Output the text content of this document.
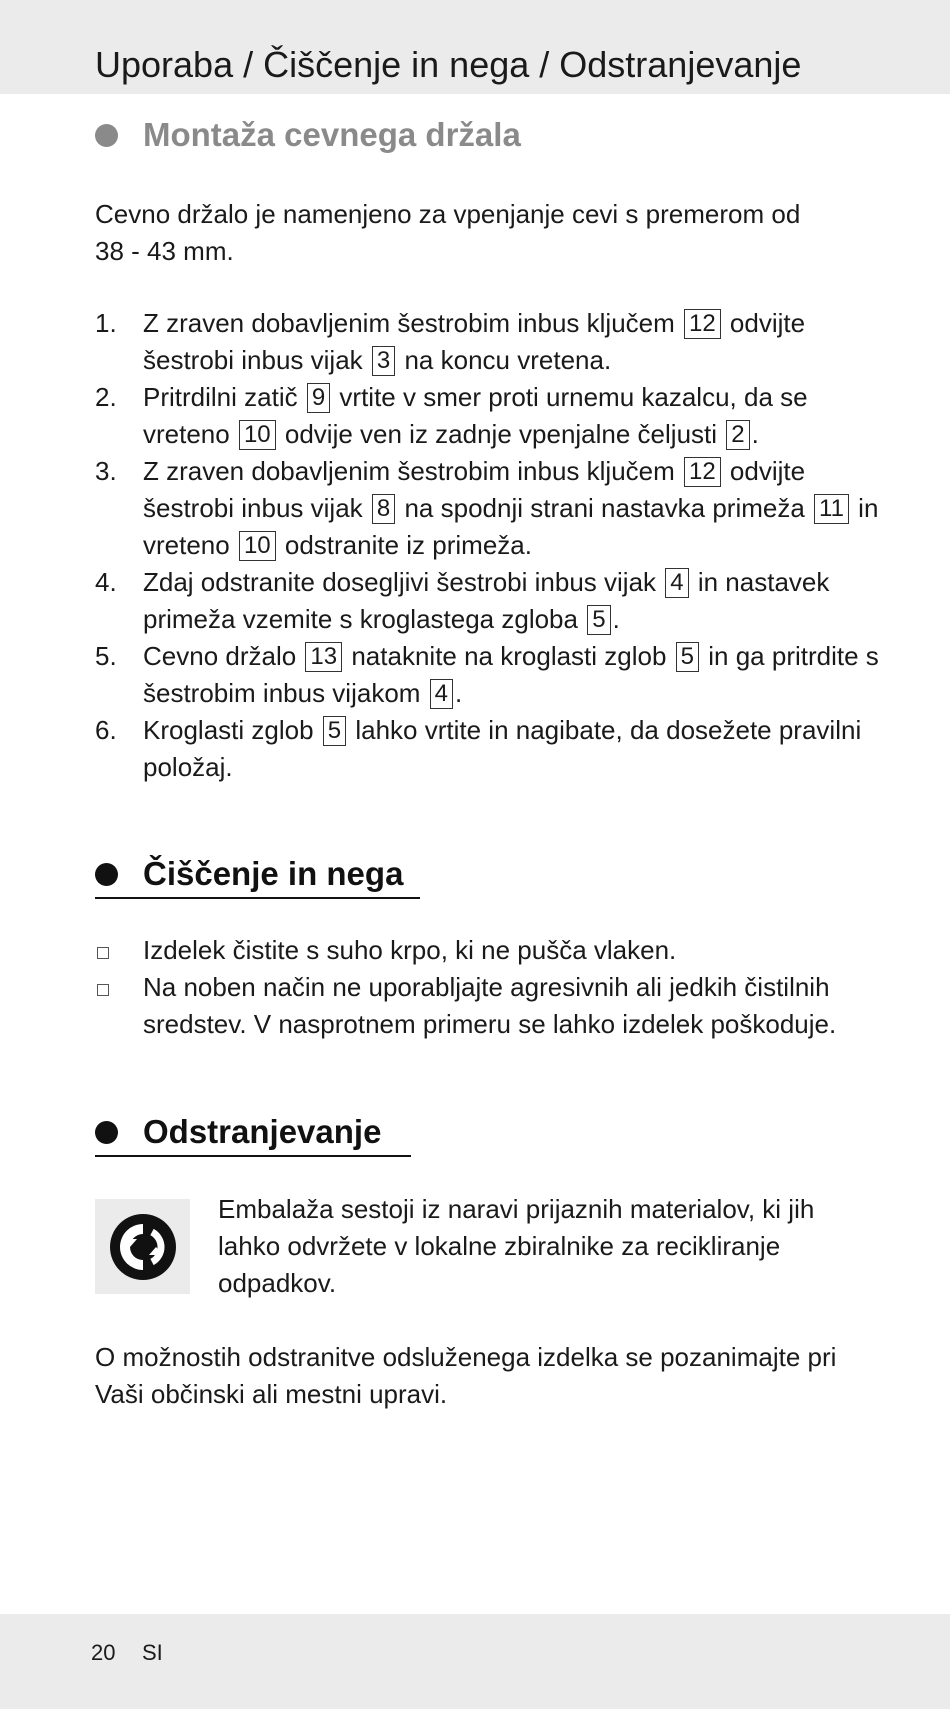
Uporaba / Čiščenje in nega / Odstranjevanje
Montaža cevnega držala
Cevno držalo je namenjeno za vpenjanje cevi s premerom od 38 - 43 mm.
1. Z zraven dobavljenim šestrobim inbus ključem 12 odvijte šestrobi inbus vijak 3 na koncu vretena.
2. Pritrdilni zatič 9 vrtite v smer proti urnemu kazalcu, da se vreteno 10 odvije ven iz zadnje vpenjalne čeljusti 2 .
3. Z zraven dobavljenim šestrobim inbus ključem 12 odvijte šestrobi inbus vijak 8 na spodnji strani nastavka primeža 11 in vreteno 10 odstranite iz primeža.
4. Zdaj odstranite dosegljivi šestrobi inbus vijak 4 in nastavek primeža vzemite s kroglastega zgloba 5 .
5. Cevno držalo 13 nataknite na kroglasti zglob 5 in ga pritrdite s šestrobim inbus vijakom 4 .
6. Kroglasti zglob 5 lahko vrtite in nagibate, da dosežete pravilni položaj.
Čiščenje in nega
Izdelek čistite s suho krpo, ki ne pušča vlaken.
Na noben način ne uporabljajte agresivnih ali jedkih čistilnih sredstev. V nasprotnem primeru se lahko izdelek poškoduje.
Odstranjevanje
Embalaža sestoji iz naravi prijaznih materialov, ki jih lahko odvržete v lokalne zbiralnike za recikliranje odpadkov.
O možnostih odstranitve odsluženega izdelka se pozanimajte pri Vaši občinski ali mestni upravi.
20 SI
